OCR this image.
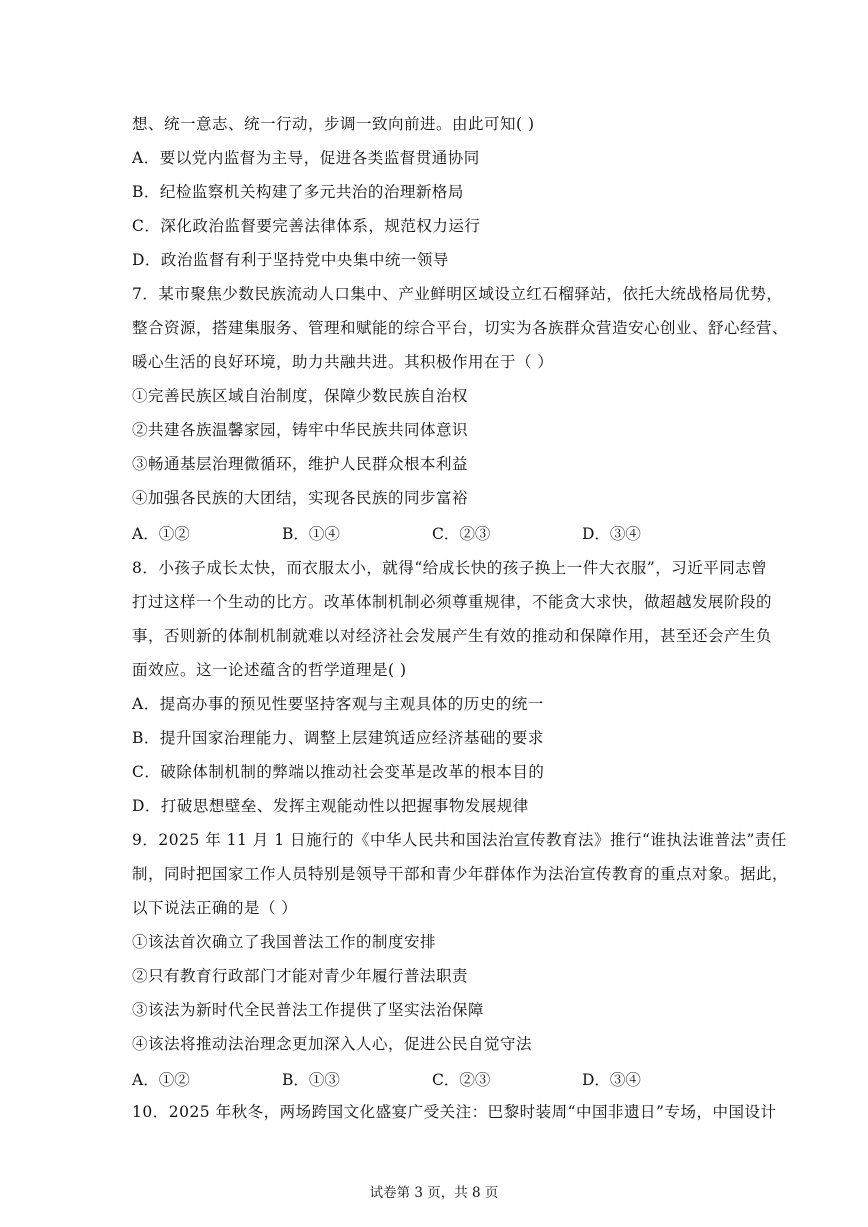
想、统一意志、统一行动，步调一致向前进。由此可知( )
A．要以党内监督为主导，促进各类监督贯通协同
B．纪检监察机关构建了多元共治的治理新格局
C．深化政治监督要完善法律体系，规范权力运行
D．政治监督有利于坚持党中央集中统一领导
7．某市聚焦少数民族流动人口集中、产业鲜明区域设立红石榴驿站，依托大统战格局优势，
整合资源，搭建集服务、管理和赋能的综合平台，切实为各族群众营造安心创业、舒心经营、
暖心生活的良好环境，助力共融共进。其积极作用在于（ ）
①完善民族区域自治制度，保障少数民族自治权
②共建各族温馨家园，铸牢中华民族共同体意识
③畅通基层治理微循环，维护人民群众根本利益
④加强各民族的大团结，实现各民族的同步富裕
A．①②	B．①④	C．②③	D．③④
8．小孩子成长太快，而衣服太小，就得“给成长快的孩子换上一件大衣服”，习近平同志曾
打过这样一个生动的比方。改革体制机制必须尊重规律，不能贪大求快，做超越发展阶段的
事，否则新的体制机制就难以对经济社会发展产生有效的推动和保障作用，甚至还会产生负
面效应。这一论述蕴含的哲学道理是( )
A．提高办事的预见性要坚持客观与主观具体的历史的统一
B．提升国家治理能力、调整上层建筑适应经济基础的要求
C．破除体制机制的弊端以推动社会变革是改革的根本目的
D．打破思想壁垒、发挥主观能动性以把握事物发展规律
9．2025 年 11 月 1 日施行的《中华人民共和国法治宣传教育法》推行“谁执法谁普法”责任
制，同时把国家工作人员特别是领导干部和青少年群体作为法治宣传教育的重点对象。据此，
以下说法正确的是（ ）
①该法首次确立了我国普法工作的制度安排
②只有教育行政部门才能对青少年履行普法职责
③该法为新时代全民普法工作提供了坚实法治保障
④该法将推动法治理念更加深入人心，促进公民自觉守法
A．①②	B．①③	C．②③	D．③④
10．2025 年秋冬，两场跨国文化盛宴广受关注：巴黎时装周“中国非遗日”专场，中国设计
试卷第 3 页，共 8 页
